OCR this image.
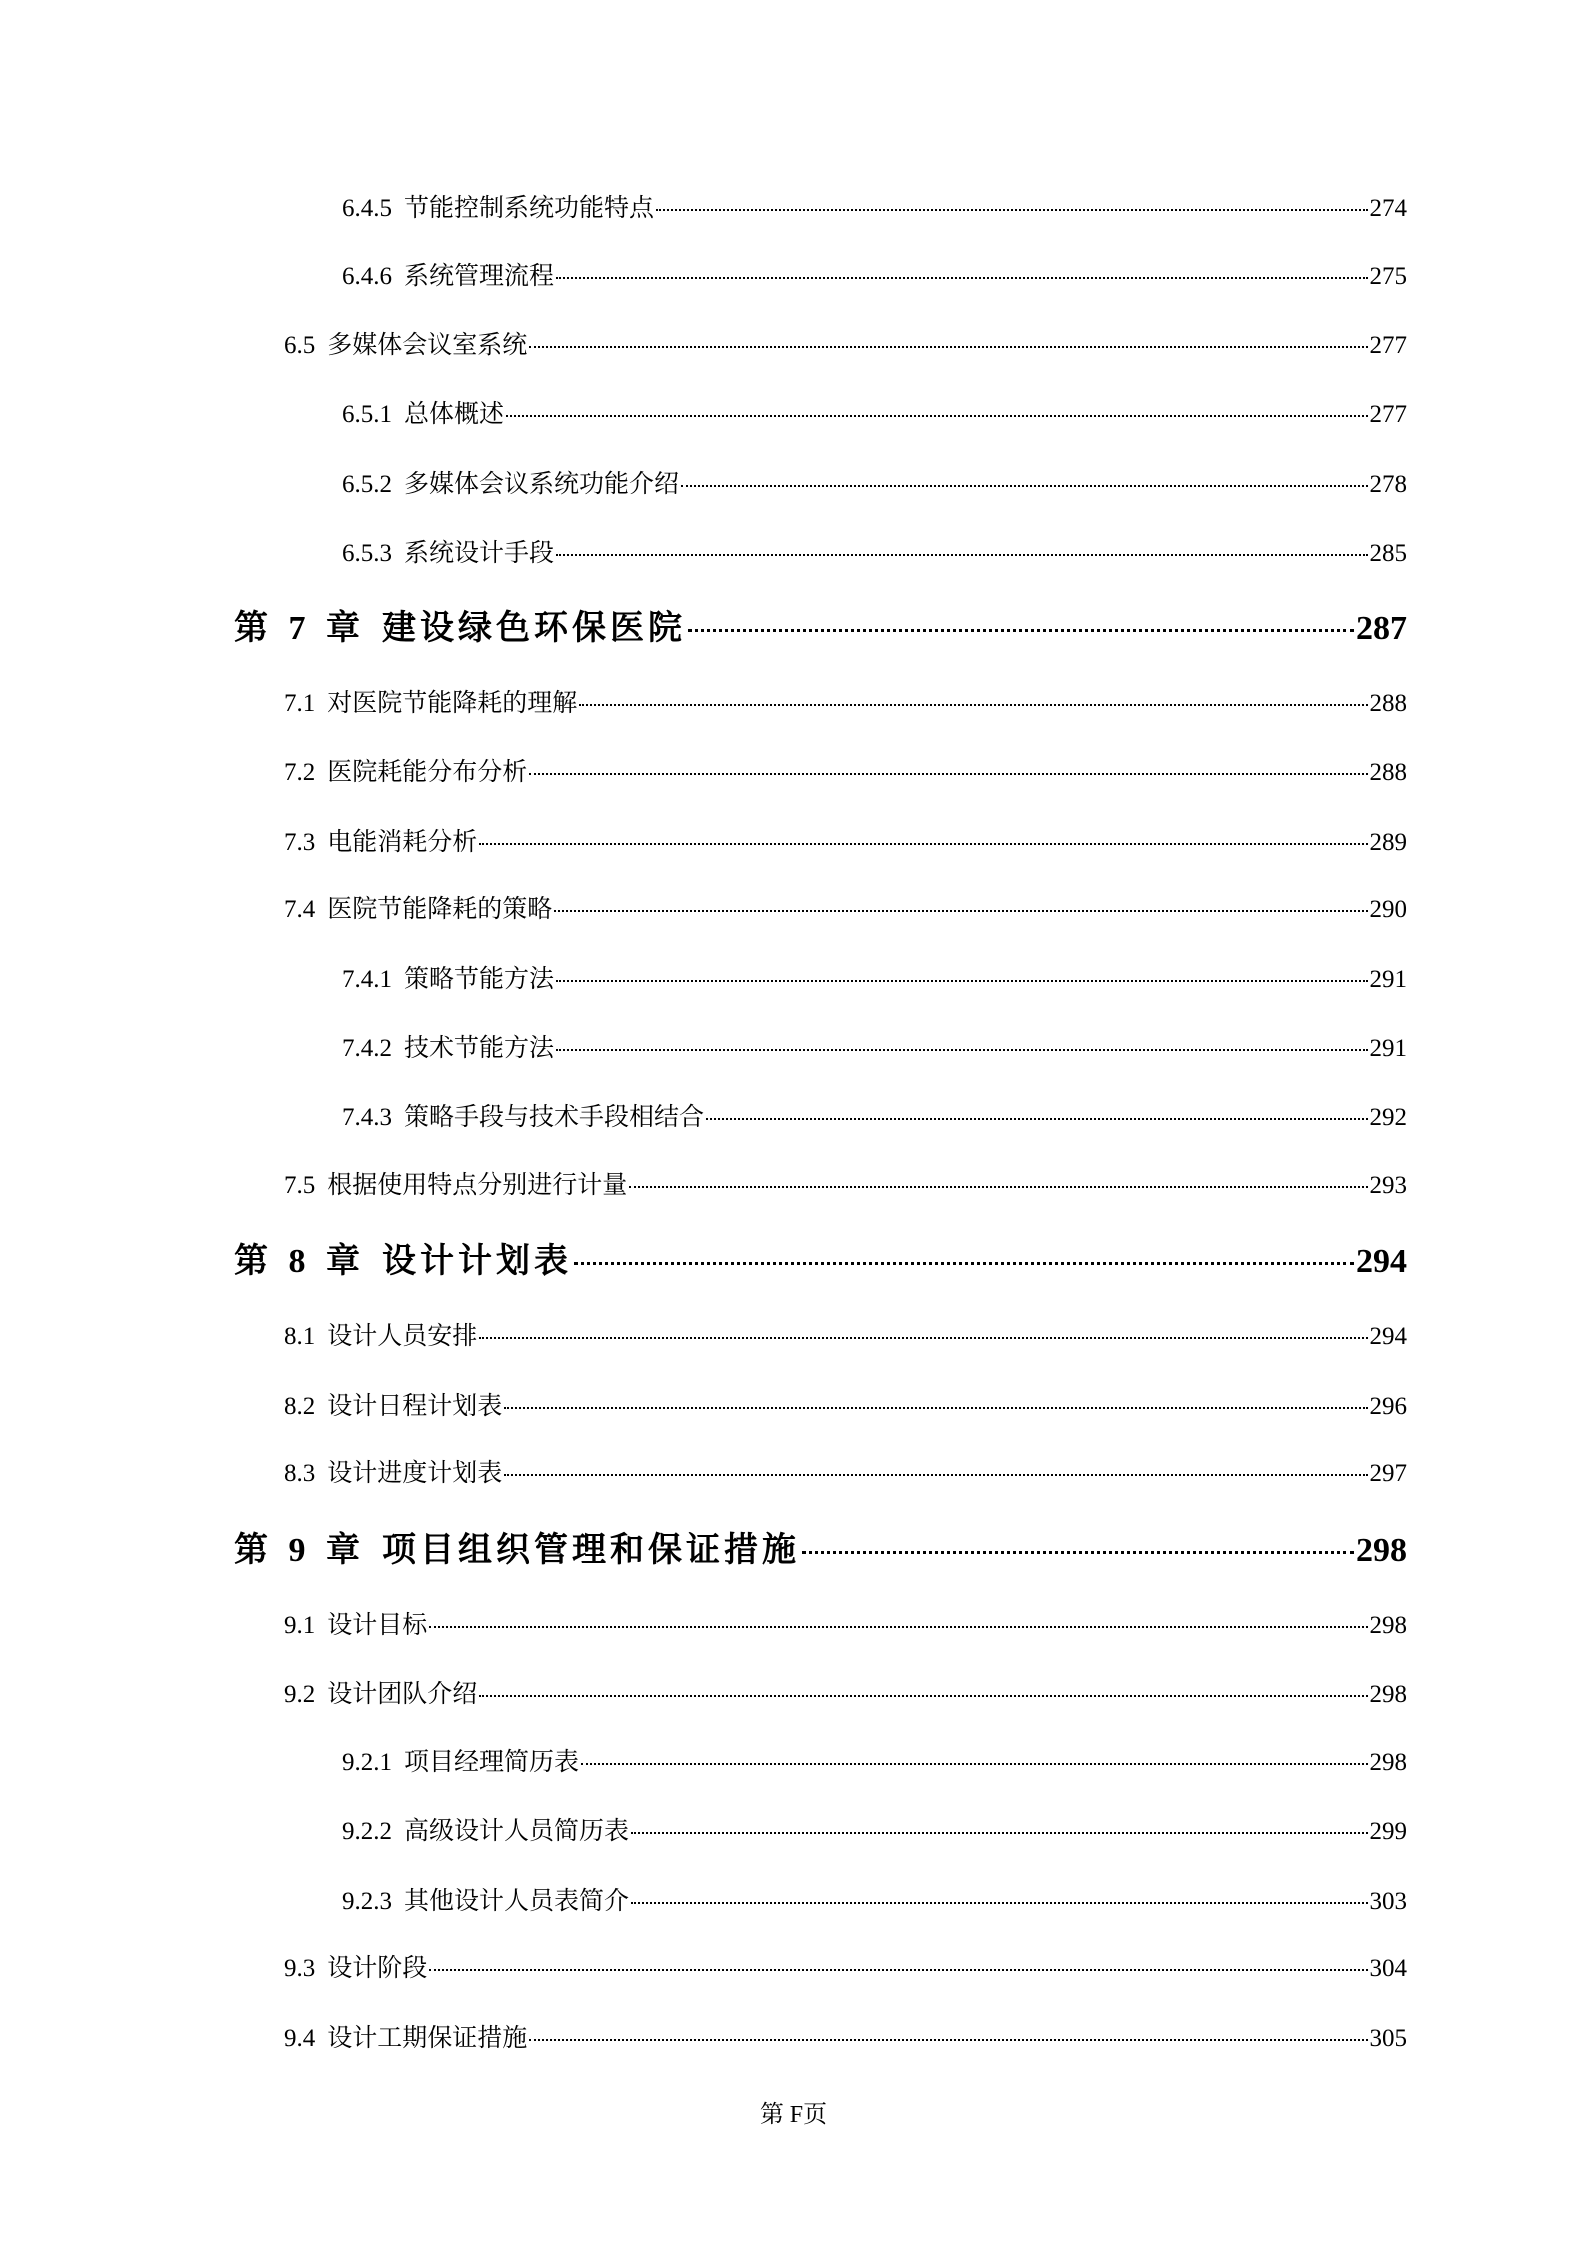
6.4.5 节能控制系统功能特点	274
6.4.6 系统管理流程	275
6.5 多媒体会议室系统	277
6.5.1 总体概述	277
6.5.2 多媒体会议系统功能介绍	278
6.5.3 系统设计手段	285
第 7 章 建设绿色环保医院	287
7.1 对医院节能降耗的理解	288
7.2 医院耗能分布分析	288
7.3 电能消耗分析	289
7.4 医院节能降耗的策略	290
7.4.1 策略节能方法	291
7.4.2 技术节能方法	291
7.4.3 策略手段与技术手段相结合	292
7.5 根据使用特点分别进行计量	293
第 8 章 设计计划表	294
8.1 设计人员安排	294
8.2 设计日程计划表	296
8.3 设计进度计划表	297
第 9 章 项目组织管理和保证措施	298
9.1 设计目标	298
9.2 设计团队介绍	298
9.2.1 项目经理简历表	298
9.2.2 高级设计人员简历表	299
9.2.3 其他设计人员表简介	303
9.3 设计阶段	304
9.4 设计工期保证措施	305
第 F页
